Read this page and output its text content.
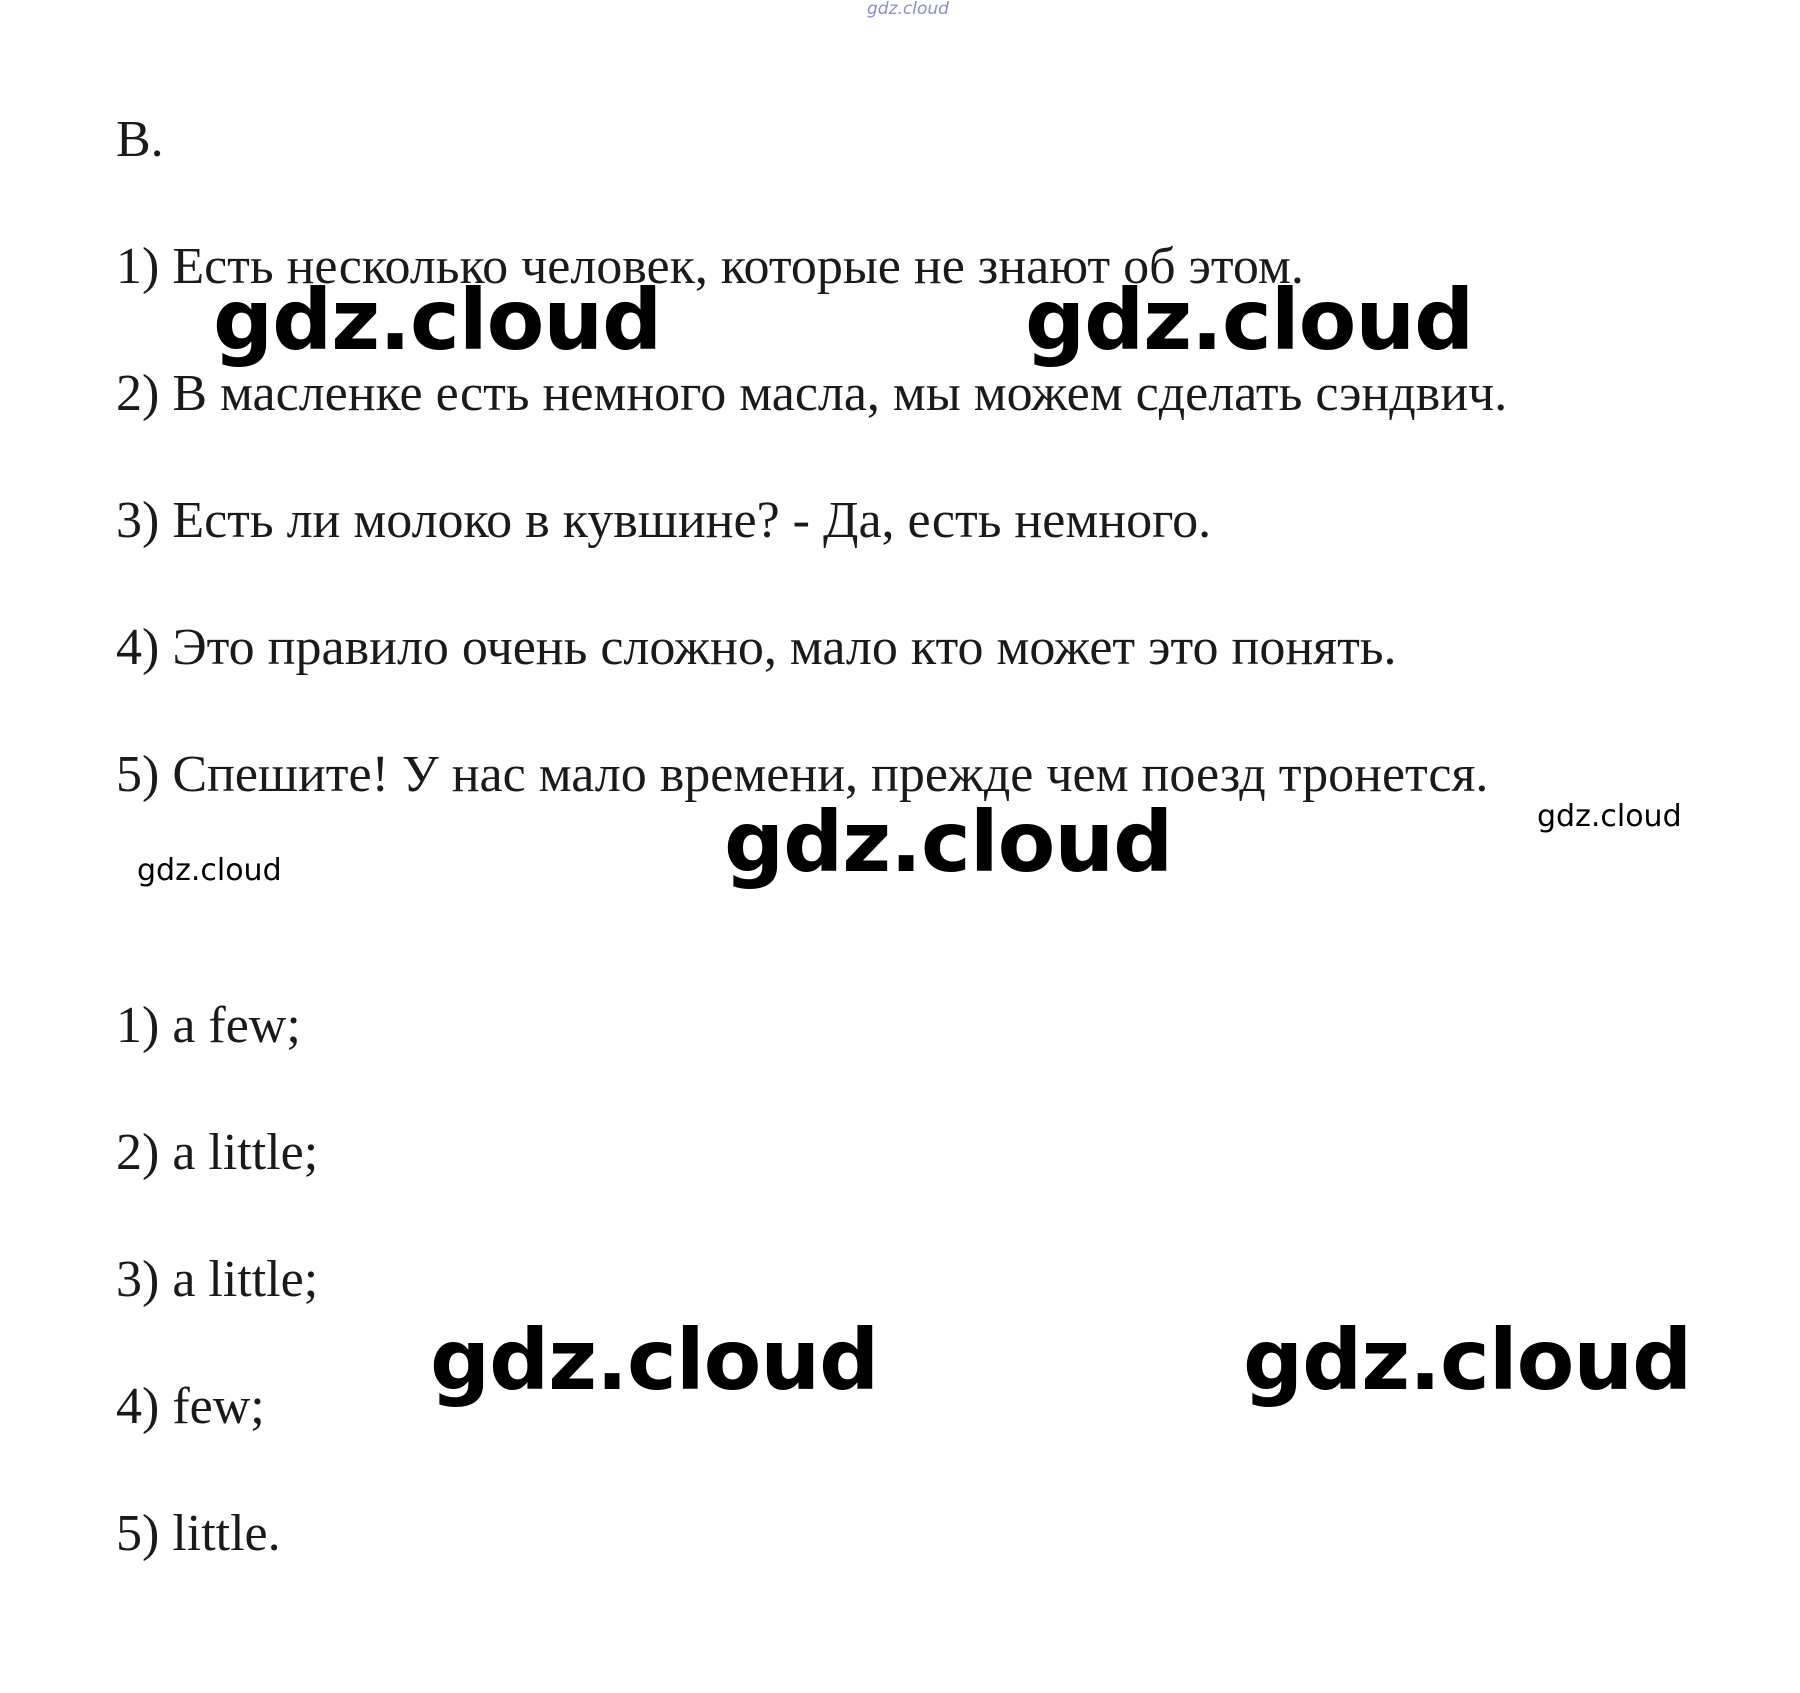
gdz.cloud
B.
1) Есть несколько человек, которые не знают об этом.
2) В масленке есть немного масла, мы можем сделать сэндвич.
3) Есть ли молоко в кувшине? - Да, есть немного.
4) Это правило очень сложно, мало кто может это понять.
5) Спешите! У нас мало времени, прежде чем поезд тронется.
1) a few;
2) a little;
3) a little;
4) few;
5) little.
gdz.cloud	gdz.cloud
gdz.cloud	gdz.cloud
gdz.cloud
gdz.cloud	gdz.cloud
